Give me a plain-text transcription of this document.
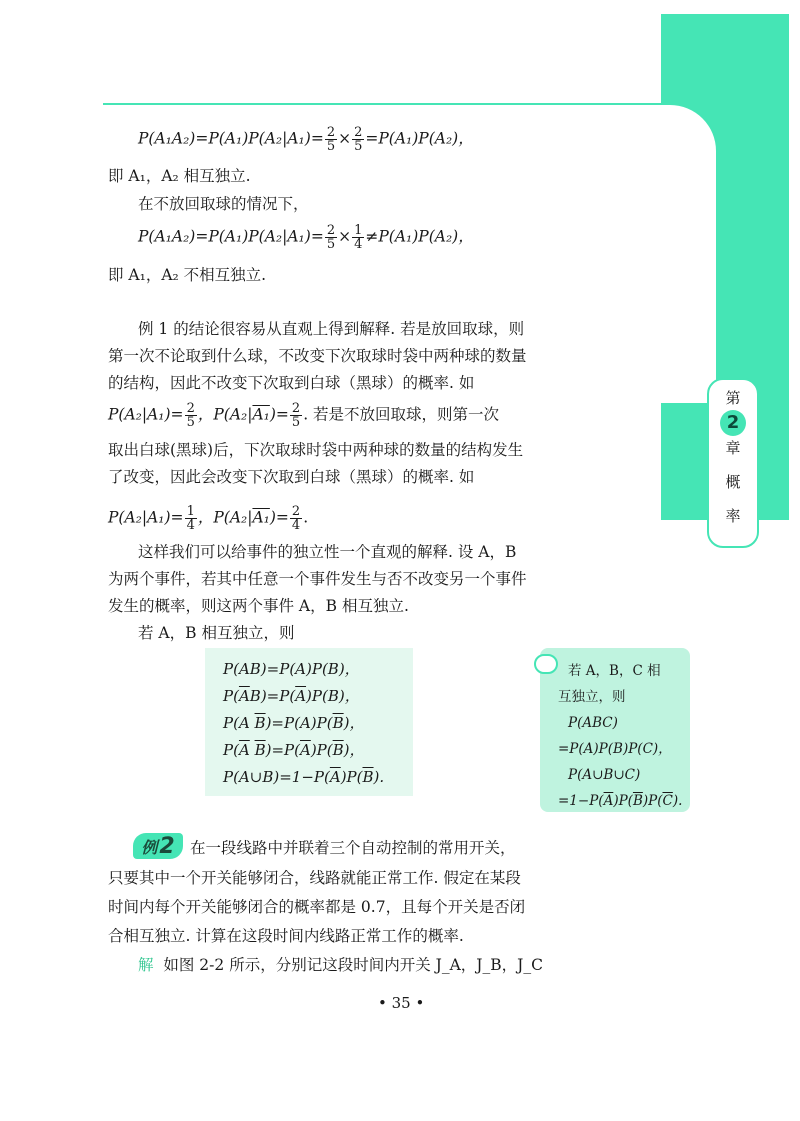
第
2
章
概
率
$P(A_1A_2)=P(A_1)P(A_2|A_1)= \frac{2}{5} \times \frac{2}{5} =P(A_1)P(A_2)$，
即 A₁，A₂ 相互独立.
在不放回取球的情况下，
$P(A_1A_2)=P(A_1)P(A_2|A_1)= \frac{2}{5} \times \frac{1}{4} \ne P(A_1)P(A_2)$，
即 A₁，A₂ 不相互独立.
例 1 的结论很容易从直观上得到解释. 若是放回取球，则
第一次不论取到什么球，不改变下次取球时袋中两种球的数量
的结构，因此不改变下次取到白球（黑球）的概率. 如
$P(A_2|A_1)= \frac{2}{5}$ ，$P(A_2|A_1)= \frac{2}{5}$ . 若是不放回取球，则第一次
取出白球(黑球)后，下次取球时袋中两种球的数量的结构发生
了改变，因此会改变下次取到白球（黑球）的概率. 如
$P(A_2|A_1)= \frac{1}{4}$ ，$P(A_2|A_1)= \frac{2}{4}$ .
这样我们可以给事件的独立性一个直观的解释. 设 A，B
为两个事件，若其中任意一个事件发生与否不改变另一个事件
发生的概率，则这两个事件 A，B 相互独立.
若 A，B 相互独立，则
P(AB)=P(A)P(B)，
$P(\overline{A}B)=P(\overline{A})P(B)$，
P(A $\overline{B})=P(A)P(\overline{B})$，
$P(\overline{A}$ $\overline{B})=P(\overline{A})P(\overline{B})$，
$P(A\cup B)=1-P(\overline{A})P(\overline{B})$.
若 A，B，C 相
互独立，则
P(ABC)
=P(A)P(B)P(C)，
P(A∪B∪C)
$=1-P(\overline{A})P(\overline{B})P(\overline{C})$.
例 2 在一段线路中并联着三个自动控制的常用开关，
只要其中一个开关能够闭合，线路就能正常工作. 假定在某段
时间内每个开关能够闭合的概率都是 0.7，且每个开关是否闭
合相互独立. 计算在这段时间内线路正常工作的概率.
解 如图 2-2 所示，分别记这段时间内开关 J_A，J_B，J_C
• 35 •
